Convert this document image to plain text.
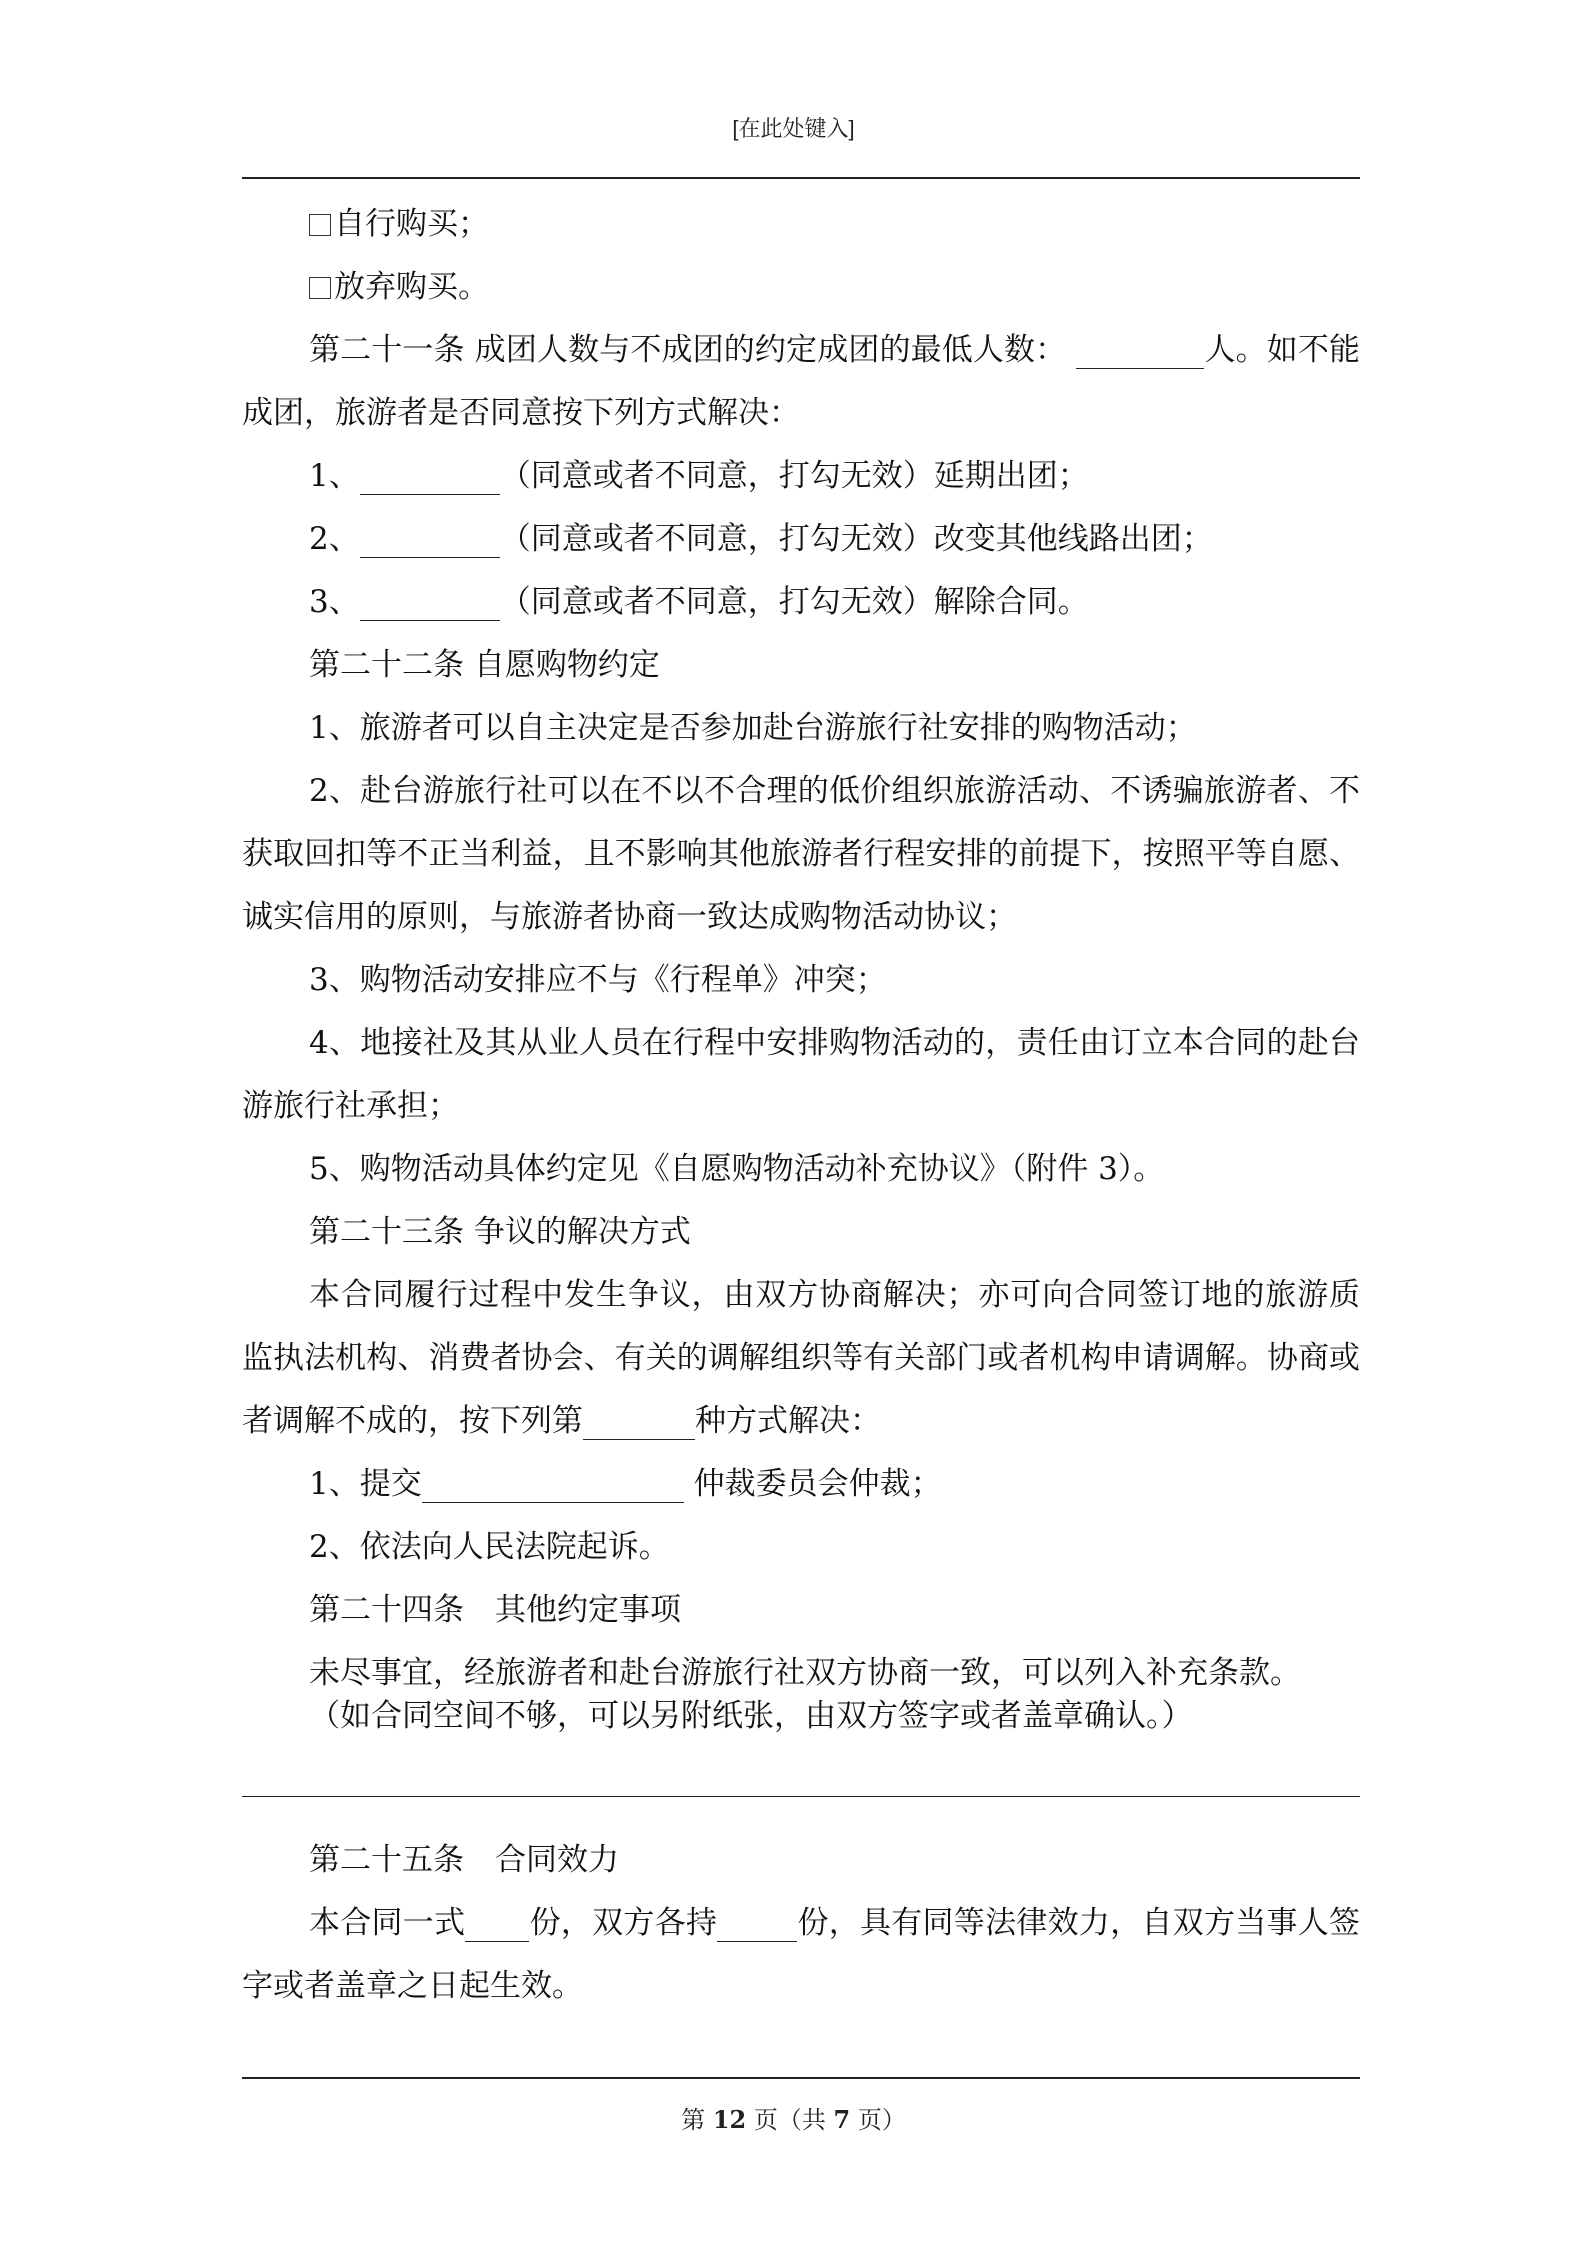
[在此处键入]

自行购买；

放弃购买。

第二十一条 成团人数与不成团的约定成团的最低人数：	人。如不能成团，旅游者是否同意按下列方式解决：

1、	（同意或者不同意，打勾无效）延期出团；

2、	（同意或者不同意，打勾无效）改变其他线路出团；

3、	（同意或者不同意，打勾无效）解除合同。

第二十二条 自愿购物约定

1、旅游者可以自主决定是否参加赴台游旅行社安排的购物活动；

2、赴台游旅行社可以在不以不合理的低价组织旅游活动、不诱骗旅游者、不获取回扣等不正当利益，且不影响其他旅游者行程安排的前提下，按照平等自愿、诚实信用的原则，与旅游者协商一致达成购物活动协议；

3、购物活动安排应不与《行程单》冲突；

4、地接社及其从业人员在行程中安排购物活动的，责任由订立本合同的赴台游旅行社承担；

5、购物活动具体约定见《自愿购物活动补充协议》（附件 3）。

第二十三条 争议的解决方式

本合同履行过程中发生争议，由双方协商解决；亦可向合同签订地的旅游质监执法机构、消费者协会、有关的调解组织等有关部门或者机构申请调解。协商或者调解不成的，按下列第	种方式解决：

1、提交	仲裁委员会仲裁；

2、依法向人民法院起诉。

第二十四条　其他约定事项

未尽事宜，经旅游者和赴台游旅行社双方协商一致，可以列入补充条款。

（如合同空间不够，可以另附纸张，由双方签字或者盖章确认。）

第二十五条　合同效力

本合同一式 份，双方各持	份，具有同等法律效力，自双方当事人签字或者盖章之日起生效。

第 12 页（共 7 页）
